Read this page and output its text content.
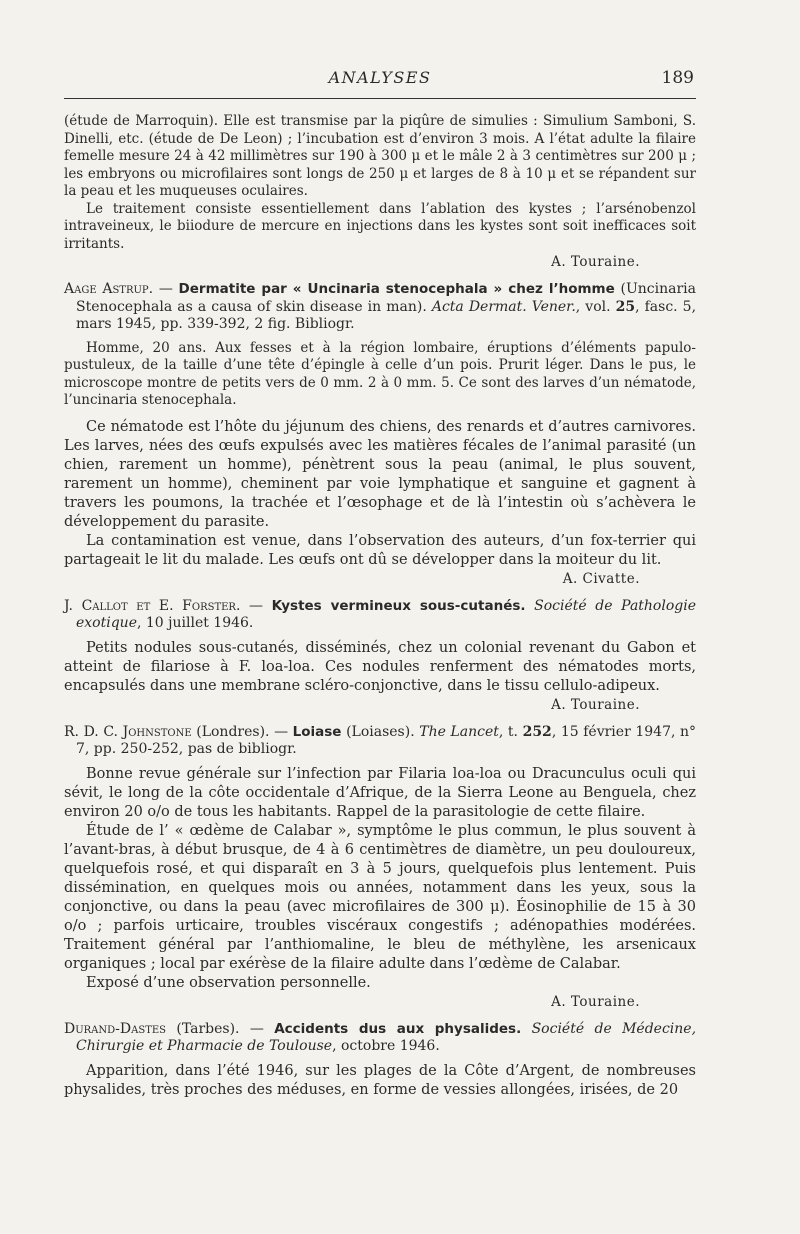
ANALYSES	189

(étude de Marroquin). Elle est transmise par la piqûre de simulies : Simulium Samboni, S. Dinelli, etc. (étude de De Leon) ; l’incubation est d’environ 3 mois. A l’état adulte la filaire femelle mesure 24 à 42 millimètres sur 190 à 300 μ et le mâle 2 à 3 centimètres sur 200 μ ; les embryons ou microfilaires sont longs de 250 μ et larges de 8 à 10 μ et se répandent sur la peau et les muqueuses oculaires.

Le traitement consiste essentiellement dans l’ablation des kystes ; l’arsénobenzol intraveineux, le biiodure de mercure en injections dans les kystes sont soit inefficaces soit irritants.

A. Touraine.

Aage Astrup. — Dermatite par « Uncinaria stenocephala » chez l’homme (Uncinaria Stenocephala as a causa of skin disease in man). Acta Dermat. Vener., vol. 25, fasc. 5, mars 1945, pp. 339-392, 2 fig. Bibliogr.

Homme, 20 ans. Aux fesses et à la région lombaire, éruptions d’éléments papulo-pustuleux, de la taille d’une tête d’épingle à celle d’un pois. Prurit léger. Dans le pus, le microscope montre de petits vers de 0 mm. 2 à 0 mm. 5. Ce sont des larves d’un nématode, l’uncinaria stenocephala.

Ce nématode est l’hôte du jéjunum des chiens, des renards et d’autres carnivores. Les larves, nées des œufs expulsés avec les matières fécales de l’animal parasité (un chien, rarement un homme), pénètrent sous la peau (animal, le plus souvent, rarement un homme), cheminent par voie lymphatique et sanguine et gagnent à travers les poumons, la trachée et l’œsophage et de là l’intestin où s’achèvera le développement du parasite.

La contamination est venue, dans l’observation des auteurs, d’un fox-terrier qui partageait le lit du malade. Les œufs ont dû se développer dans la moiteur du lit.

A. Civatte.

J. Callot et E. Forster. — Kystes vermineux sous-cutanés. Société de Pathologie exotique, 10 juillet 1946.

Petits nodules sous-cutanés, disséminés, chez un colonial revenant du Gabon et atteint de filariose à F. loa-loa. Ces nodules renferment des nématodes morts, encapsulés dans une membrane scléro-conjonctive, dans le tissu cellulo-adipeux.

A. Touraine.

R. D. C. Johnstone (Londres). — Loiase (Loiases). The Lancet, t. 252, 15 février 1947, n° 7, pp. 250-252, pas de bibliogr.

Bonne revue générale sur l’infection par Filaria loa-loa ou Dracunculus oculi qui sévit, le long de la côte occidentale d’Afrique, de la Sierra Leone au Benguela, chez environ 20 o/o de tous les habitants. Rappel de la parasitologie de cette filaire.

Étude de l’ « œdème de Calabar », symptôme le plus commun, le plus souvent à l’avant-bras, à début brusque, de 4 à 6 centimètres de diamètre, un peu douloureux, quelquefois rosé, et qui disparaît en 3 à 5 jours, quelquefois plus lentement. Puis dissémination, en quelques mois ou années, notamment dans les yeux, sous la conjonctive, ou dans la peau (avec microfilaires de 300 μ). Éosinophilie de 15 à 30 o/o ; parfois urticaire, troubles viscéraux congestifs ; adénopathies modérées. Traitement général par l’anthiomaline, le bleu de méthylène, les arsenicaux organiques ; local par exérèse de la filaire adulte dans l’œdème de Calabar.

Exposé d’une observation personnelle.

A. Touraine.

Durand-Dastes (Tarbes). — Accidents dus aux physalides. Société de Médecine, Chirurgie et Pharmacie de Toulouse, octobre 1946.

Apparition, dans l’été 1946, sur les plages de la Côte d’Argent, de nombreuses physalides, très proches des méduses, en forme de vessies allongées, irisées, de 20
